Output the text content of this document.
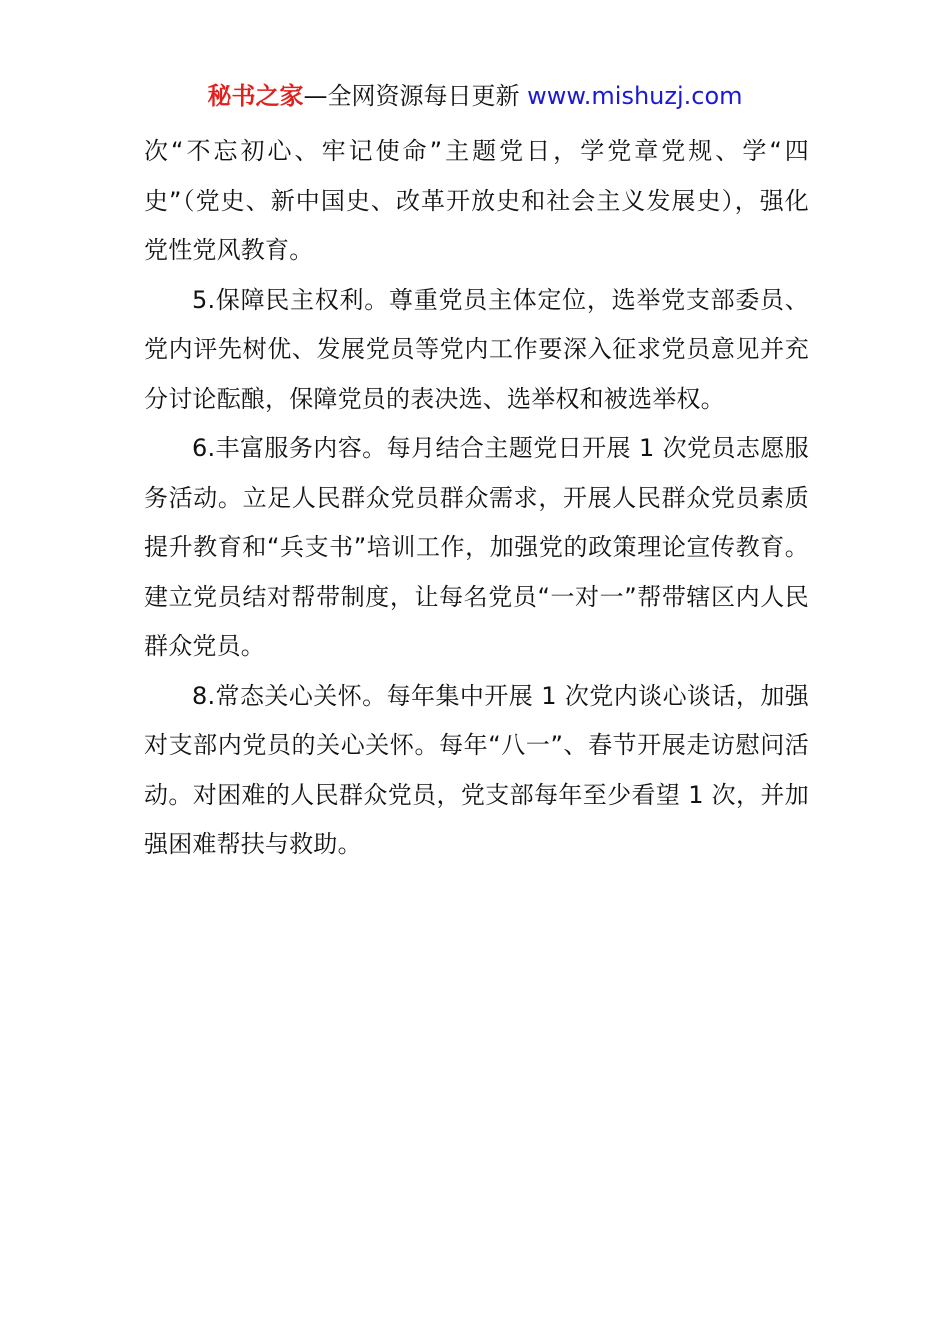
秘书之家—全网资源每日更新 www.mishuzj.com

次“不忘初心、牢记使命”主题党日，学党章党规、学“四史”（党史、新中国史、改革开放史和社会主义发展史），强化党性党风教育。

5.保障民主权利。尊重党员主体定位，选举党支部委员、党内评先树优、发展党员等党内工作要深入征求党员意见并充分讨论酝酿，保障党员的表决选、选举权和被选举权。

6.丰富服务内容。每月结合主题党日开展 1 次党员志愿服务活动。立足人民群众党员群众需求，开展人民群众党员素质提升教育和“兵支书”培训工作，加强党的政策理论宣传教育。建立党员结对帮带制度，让每名党员“一对一”帮带辖区内人民群众党员。

8.常态关心关怀。每年集中开展 1 次党内谈心谈话，加强对支部内党员的关心关怀。每年“八一”、春节开展走访慰问活动。对困难的人民群众党员，党支部每年至少看望 1 次，并加强困难帮扶与救助。
